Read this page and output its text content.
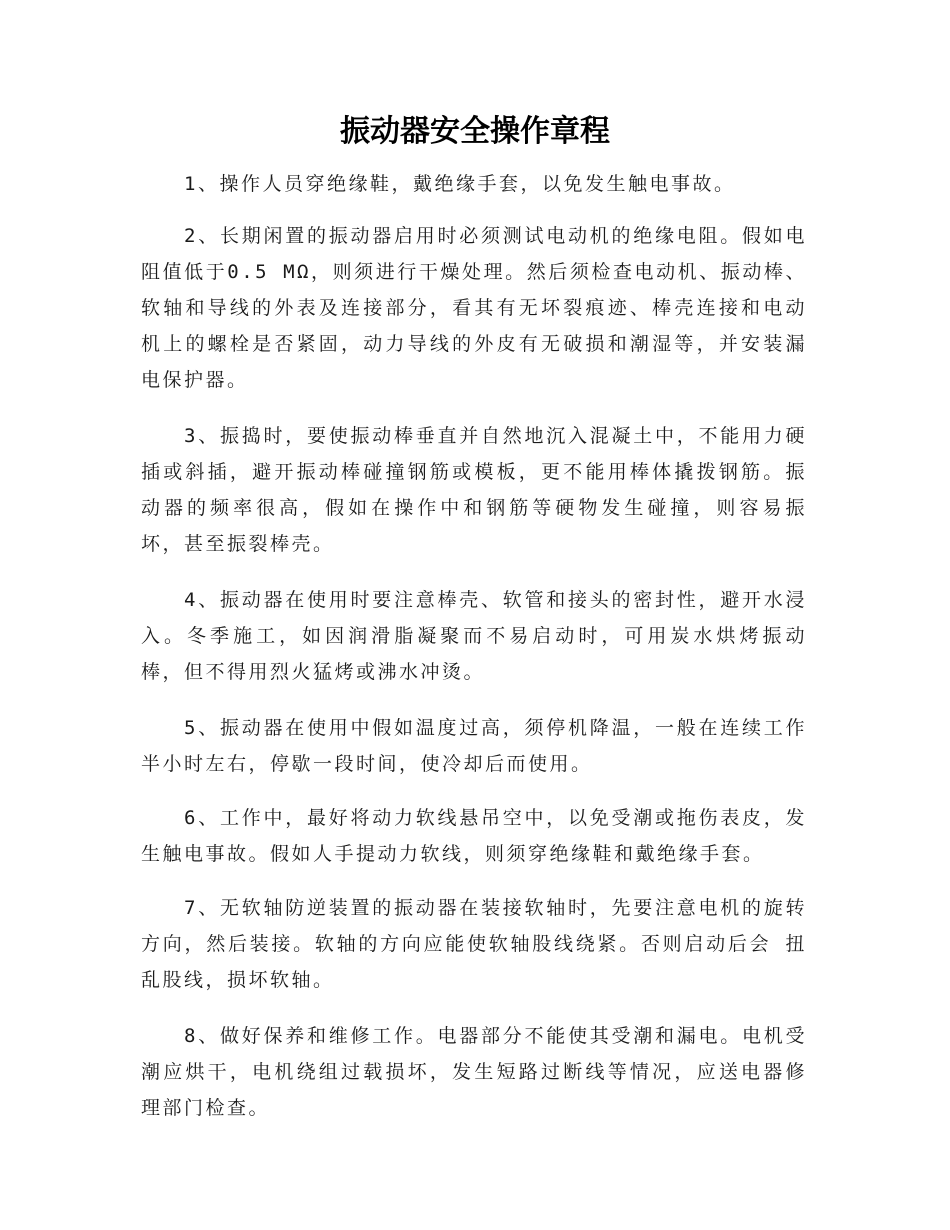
振动器安全操作章程

1、操作人员穿绝缘鞋，戴绝缘手套，以免发生触电事故。

2、长期闲置的振动器启用时必须测试电动机的绝缘电阻。假如电阻值低于0.5 MΩ，则须进行干燥处理。然后须检查电动机、振动棒、软轴和导线的外表及连接部分，看其有无坏裂痕迹、棒壳连接和电动机上的螺栓是否紧固，动力导线的外皮有无破损和潮湿等，并安装漏电保护器。

3、振捣时，要使振动棒垂直并自然地沉入混凝土中，不能用力硬插或斜插，避开振动棒碰撞钢筋或模板，更不能用棒体撬拨钢筋。振动器的频率很高，假如在操作中和钢筋等硬物发生碰撞，则容易振坏，甚至振裂棒壳。

4、振动器在使用时要注意棒壳、软管和接头的密封性，避开水浸入。冬季施工，如因润滑脂凝聚而不易启动时，可用炭水烘烤振动棒，但不得用烈火猛烤或沸水冲烫。

5、振动器在使用中假如温度过高，须停机降温，一般在连续工作半小时左右，停歇一段时间，使冷却后而使用。

6、工作中，最好将动力软线悬吊空中，以免受潮或拖伤表皮，发生触电事故。假如人手提动力软线，则须穿绝缘鞋和戴绝缘手套。

7、无软轴防逆装置的振动器在装接软轴时，先要注意电机的旋转方向，然后装接。软轴的方向应能使软轴股线绕紧。否则启动后会 扭乱股线，损坏软轴。

8、做好保养和维修工作。电器部分不能使其受潮和漏电。电机受潮应烘干，电机绕组过载损坏，发生短路过断线等情况，应送电器修理部门检查。
